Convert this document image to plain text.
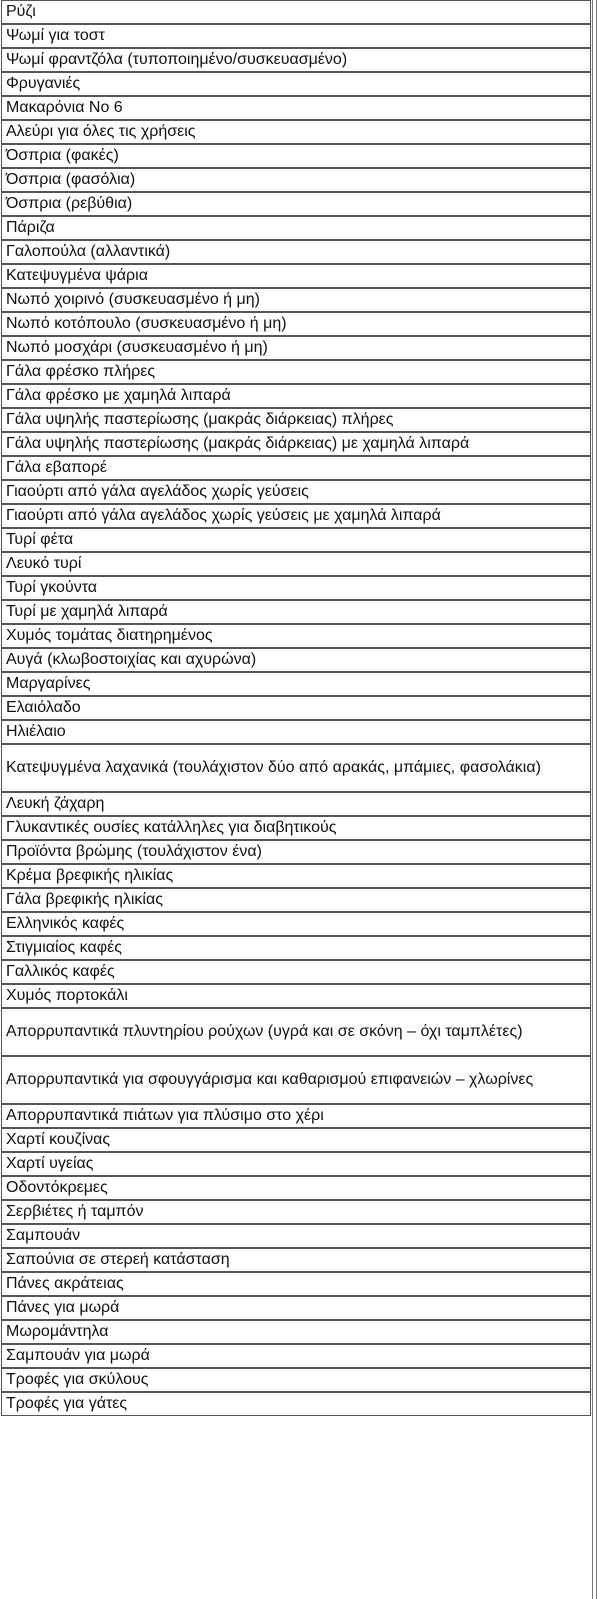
Ρύζι
Ψωμί για τοστ
Ψωμί φραντζόλα (τυποποιημένο/συσκευασμένο)
Φρυγανιές
Μακαρόνια Νο 6
Αλεύρι για όλες τις χρήσεις
Όσπρια (φακές)
Όσπρια (φασόλια)
Όσπρια (ρεβύθια)
Πάριζα
Γαλοπούλα (αλλαντικά)
Κατεψυγμένα ψάρια
Νωπό χοιρινό (συσκευασμένο ή μη)
Νωπό κοτόπουλο (συσκευασμένο ή μη)
Νωπό μοσχάρι (συσκευασμένο ή μη)
Γάλα φρέσκο πλήρες
Γάλα φρέσκο με χαμηλά λιπαρά
Γάλα υψηλής παστερίωσης (μακράς διάρκειας) πλήρες
Γάλα υψηλής παστερίωσης (μακράς διάρκειας) με χαμηλά λιπαρά
Γάλα εβαπορέ
Γιαούρτι από γάλα αγελάδος χωρίς γεύσεις
Γιαούρτι από γάλα αγελάδος χωρίς γεύσεις με χαμηλά λιπαρά
Τυρί φέτα
Λευκό τυρί
Τυρί γκούντα
Τυρί με χαμηλά λιπαρά
Χυμός τομάτας διατηρημένος
Αυγά (κλωβοστοιχίας και αχυρώνα)
Μαργαρίνες
Ελαιόλαδο
Ηλιέλαιο
Κατεψυγμένα λαχανικά (τουλάχιστον δύο από αρακάς, μπάμιες, φασολάκια)
Λευκή ζάχαρη
Γλυκαντικές ουσίες κατάλληλες για διαβητικούς
Προϊόντα βρώμης (τουλάχιστον ένα)
Κρέμα βρεφικής ηλικίας
Γάλα βρεφικής ηλικίας
Ελληνικός καφές
Στιγμιαίος καφές
Γαλλικός καφές
Χυμός πορτοκάλι
Απορρυπαντικά πλυντηρίου ρούχων (υγρά και σε σκόνη – όχι ταμπλέτες)
Απορρυπαντικά για σφουγγάρισμα και καθαρισμού επιφανειών – χλωρίνες
Απορρυπαντικά πιάτων για πλύσιμο στο χέρι
Χαρτί κουζίνας
Χαρτί υγείας
Οδοντόκρεμες
Σερβιέτες ή ταμπόν
Σαμπουάν
Σαπούνια σε στερεή κατάσταση
Πάνες ακράτειας
Πάνες για μωρά
Μωρομάντηλα
Σαμπουάν για μωρά
Τροφές για σκύλους
Τροφές για γάτες
